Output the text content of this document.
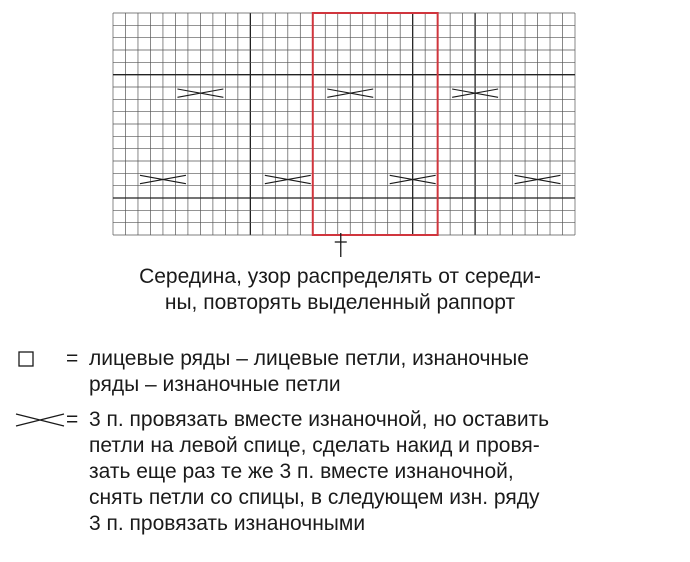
Середина, узор распределять от середи-
ны, повторять выделенный раппорт
= лицевые ряды – лицевые петли, изнаночные
ряды – изнаночные петли
= 3 п. провязать вместе изнаночной, но оставить
петли на левой спице, сделать накид и провя-
зать еще раз те же 3 п. вместе изнаночной,
снять петли со спицы, в следующем изн. ряду
3 п. провязать изнаночными
